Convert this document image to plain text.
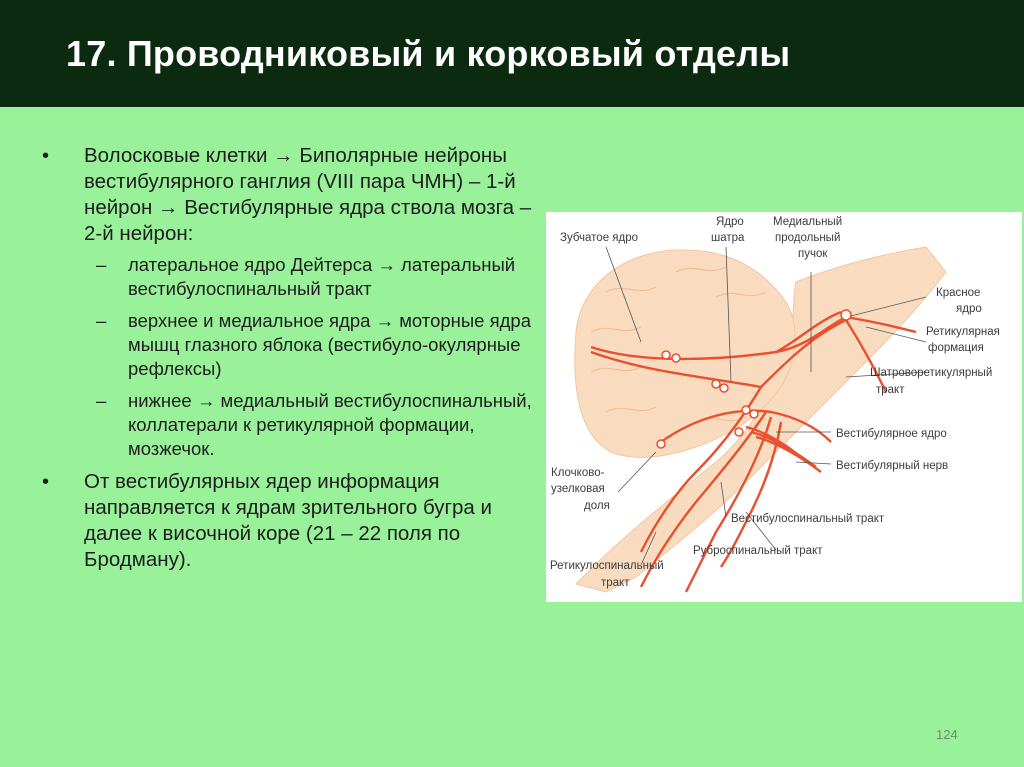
17. Проводниковый и корковый отделы
• Волосковые клетки → Биполярные нейроны вестибулярного ганглия (VIII пара ЧМН) – 1-й нейрон → Вестибулярные ядра ствола мозга – 2-й нейрон:
– латеральное ядро Дейтерса → латеральный вестибулоспинальный тракт
– верхнее и медиальное ядра → моторные ядра мышц глазного яблока (вестибуло-окулярные рефлексы)
– нижнее → медиальный вестибулоспинальный, коллатерали к ретикулярной формации, мозжечок.
• От вестибулярных ядер информация направляется к ядрам зрительного бугра и далее к височной коре (21 – 22 поля по Бродману).
Зубчатое ядро
Ядро
шатра
Медиальный
продольный
пучок
Красное
ядро
Ретикулярная
формация
Шатроворетикулярный
тракт
Вестибулярное ядро
Вестибулярный нерв
Клочково-
узелковая
доля
Вестибулоспинальный тракт
Руброспинальный тракт
Ретикулоспинальный
тракт
124
